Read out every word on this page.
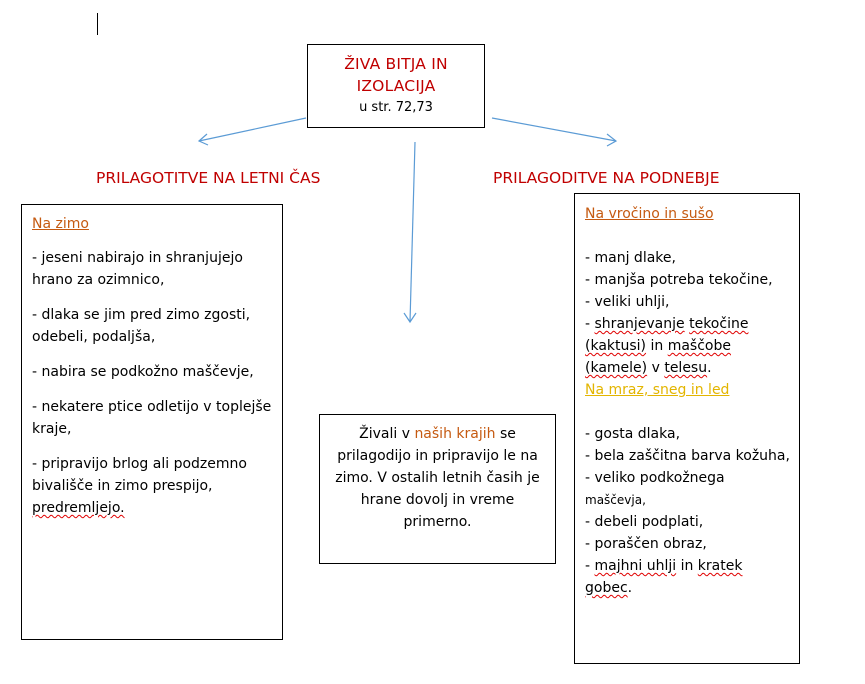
ŽIVA BITJA IN
IZOLACIJA
u str. 72,73
PRILAGOTITVE NA LETNI ČAS	PRILAGODITVE NA PODNEBJE
Na zimo
- jeseni nabirajo in shranjujejo hrano za ozimnico,
- dlaka se jim pred zimo zgosti, odebeli, podaljša,
- nabira se podkožno maščevje,
- nekatere ptice odletijo v toplejše kraje,
- pripravijo brlog ali podzemno bivališče in zimo prespijo,
predremljejo.
Živali v naših krajih se prilagodijo in pripravijo le na zimo. V ostalih letnih časih je hrane dovolj in vreme primerno.
Na vročino in sušo
- manj dlake,
- manjša potreba tekočine,
- veliki uhlji,
- shranjevanje tekočine (kaktusi) in maščobe (kamele) v telesu.
Na mraz, sneg in led
- gosta dlaka,
- bela zaščitna barva kožuha,
- veliko podkožnega
maščevja,
- debeli podplati,
- poraščen obraz,
- majhni uhlji in kratek gobec.
